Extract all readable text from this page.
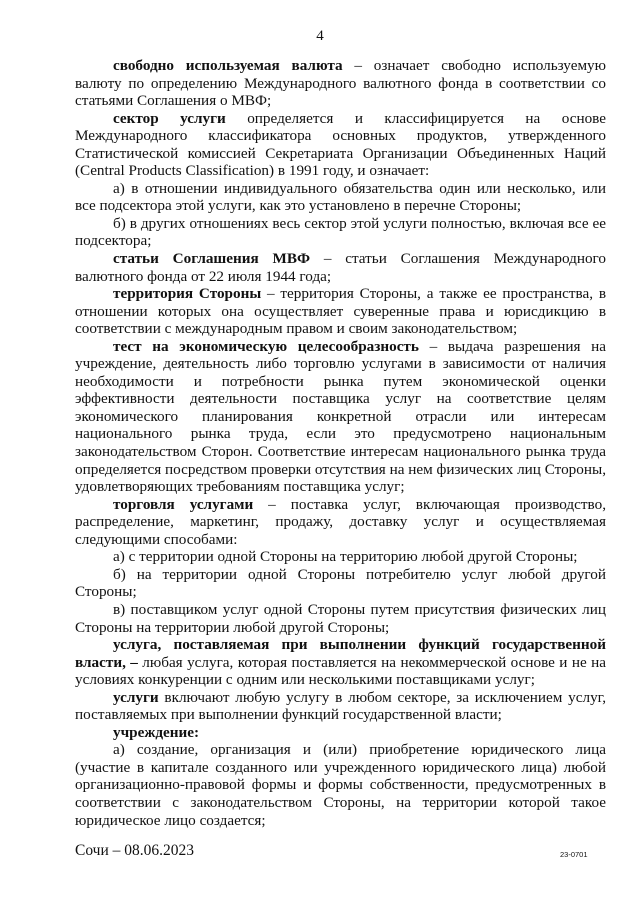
4

свободно используемая валюта – означает свободно используемую валюту по определению Международного валютного фонда в соответствии со статьями Соглашения о МВФ;

сектор услуги определяется и классифицируется на основе Международного классификатора основных продуктов, утвержденного Статистической комиссией Секретариата Организации Объединенных Наций (Central Products Classification) в 1991 году, и означает:

а) в отношении индивидуального обязательства один или несколько, или все подсектора этой услуги, как это установлено в перечне Стороны;

б) в других отношениях весь сектор этой услуги полностью, включая все ее подсектора;

статьи Соглашения МВФ – статьи Соглашения Международного валютного фонда от 22 июля 1944 года;

территория Стороны – территория Стороны, а также ее пространства, в отношении которых она осуществляет суверенные права и юрисдикцию в соответствии с международным правом и своим законодательством;

тест на экономическую целесообразность – выдача разрешения на учреждение, деятельность либо торговлю услугами в зависимости от наличия необходимости и потребности рынка путем экономической оценки эффективности деятельности поставщика услуг на соответствие целям экономического планирования конкретной отрасли или интересам национального рынка труда, если это предусмотрено национальным законодательством Сторон. Соответствие интересам национального рынка труда определяется посредством проверки отсутствия на нем физических лиц Стороны, удовлетворяющих требованиям поставщика услуг;

торговля услугами – поставка услуг, включающая производство, распределение, маркетинг, продажу, доставку услуг и осуществляемая следующими способами:

а) с территории одной Стороны на территорию любой другой Стороны;

б) на территории одной Стороны потребителю услуг любой другой Стороны;

в) поставщиком услуг одной Стороны путем присутствия физических лиц Стороны на территории любой другой Стороны;

услуга, поставляемая при выполнении функций государственной власти, – любая услуга, которая поставляется на некоммерческой основе и не на условиях конкуренции с одним или несколькими поставщиками услуг;

услуги включают любую услугу в любом секторе, за исключением услуг, поставляемых при выполнении функций государственной власти;

учреждение:

а) создание, организация и (или) приобретение юридического лица (участие в капитале созданного или учрежденного юридического лица) любой организационно-правовой формы и формы собственности, предусмотренных в соответствии с законодательством Стороны, на территории которой такое юридическое лицо создается;

Сочи – 08.06.2023	23-0701
